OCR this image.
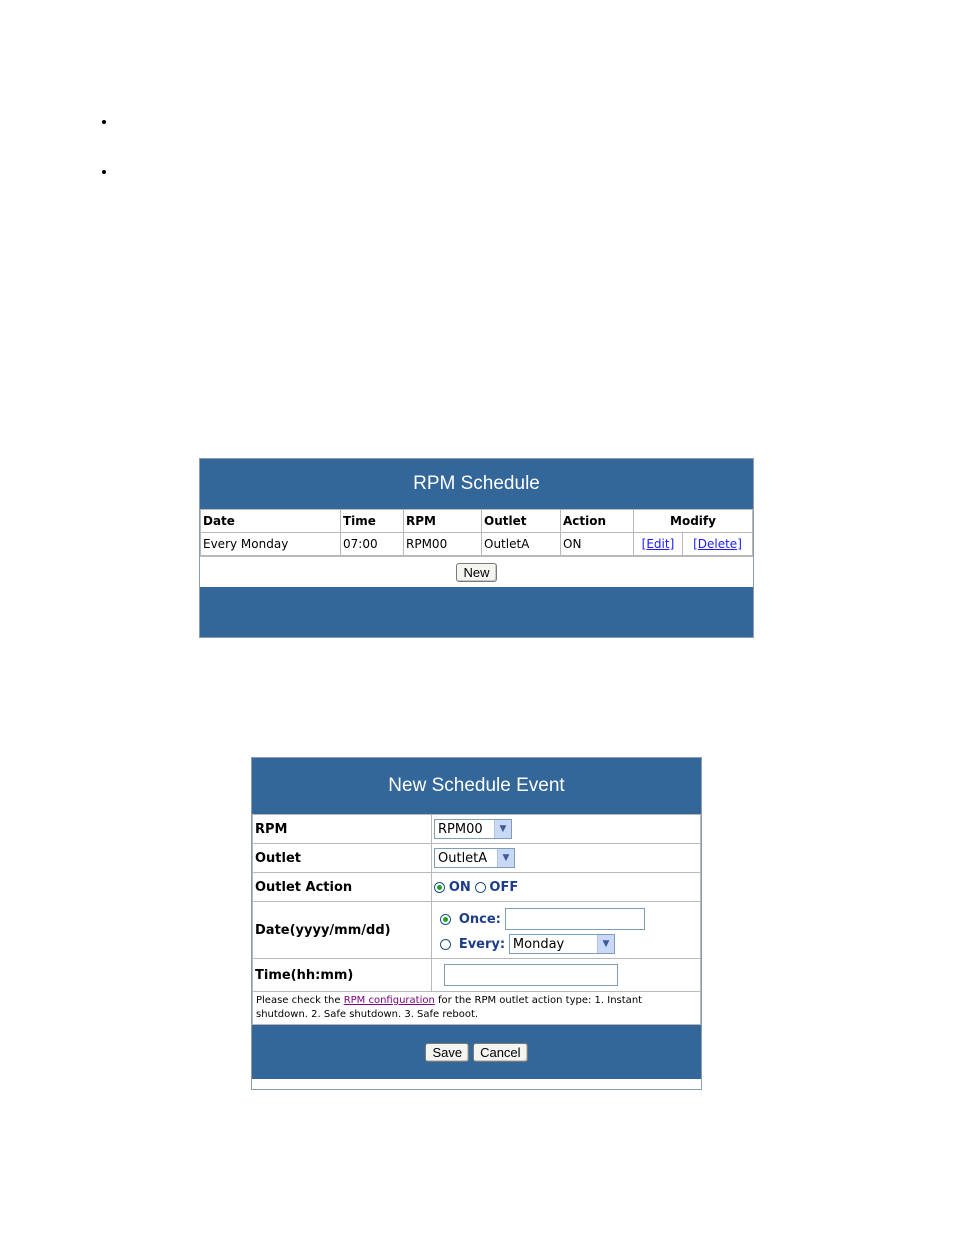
RPM Schedule
Date	Time	RPM	Outlet	Action	Modify	
Every Monday	07:00	RPM00	OutletA	ON	[Edit]	[Delete]
New
New Schedule Event
RPM	RPM00 ▼

Outlet	OutletA ▼

Outlet Action	ON OFF
Date(yyyy/mm/dd)	Once:
Every: Monday ▼

Time(hh:mm)	
Please check the RPM configuration for the RPM outlet action type: 1. Instant shutdown. 2. Safe shutdown. 3. Safe reboot.	
Save	Cancel
